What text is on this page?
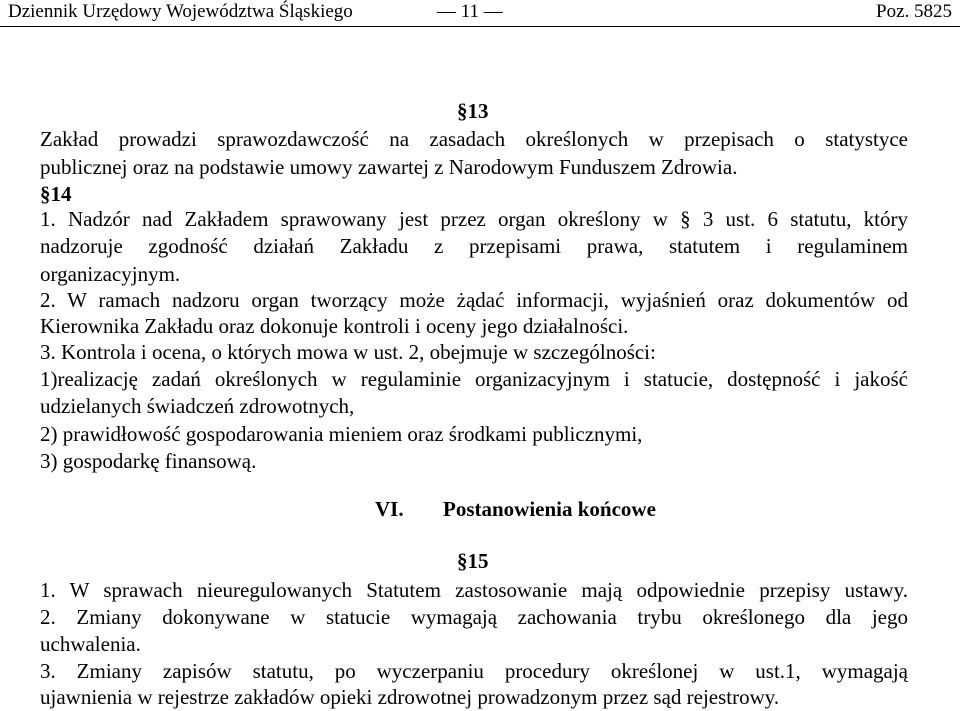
Dziennik Urzędowy Województwa Śląskiego	— 11 —	Poz. 5825
§13
Zakład prowadzi sprawozdawczość na zasadach określonych w przepisach o statystyce
publicznej oraz na podstawie umowy zawartej z Narodowym Funduszem Zdrowia.
§14
1. Nadzór nad Zakładem sprawowany jest przez organ określony w § 3 ust. 6 statutu, który
nadzoruje zgodność działań Zakładu z przepisami prawa, statutem i regulaminem
organizacyjnym.
2. W ramach nadzoru organ tworzący może żądać informacji, wyjaśnień oraz dokumentów od
Kierownika Zakładu oraz dokonuje kontroli i oceny jego działalności.
3. Kontrola i ocena, o których mowa w ust. 2, obejmuje w szczególności:
1)realizację zadań określonych w regulaminie organizacyjnym i statucie, dostępność i jakość
udzielanych świadczeń zdrowotnych,
2) prawidłowość gospodarowania mieniem oraz środkami publicznymi,
3) gospodarkę finansową.
VI. Postanowienia końcowe
§15
1. W sprawach nieuregulowanych Statutem zastosowanie mają odpowiednie przepisy ustawy.
2. Zmiany dokonywane w statucie wymagają zachowania trybu określonego dla jego
uchwalenia.
3. Zmiany zapisów statutu, po wyczerpaniu procedury określonej w ust.1, wymagają
ujawnienia w rejestrze zakładów opieki zdrowotnej prowadzonym przez sąd rejestrowy.
